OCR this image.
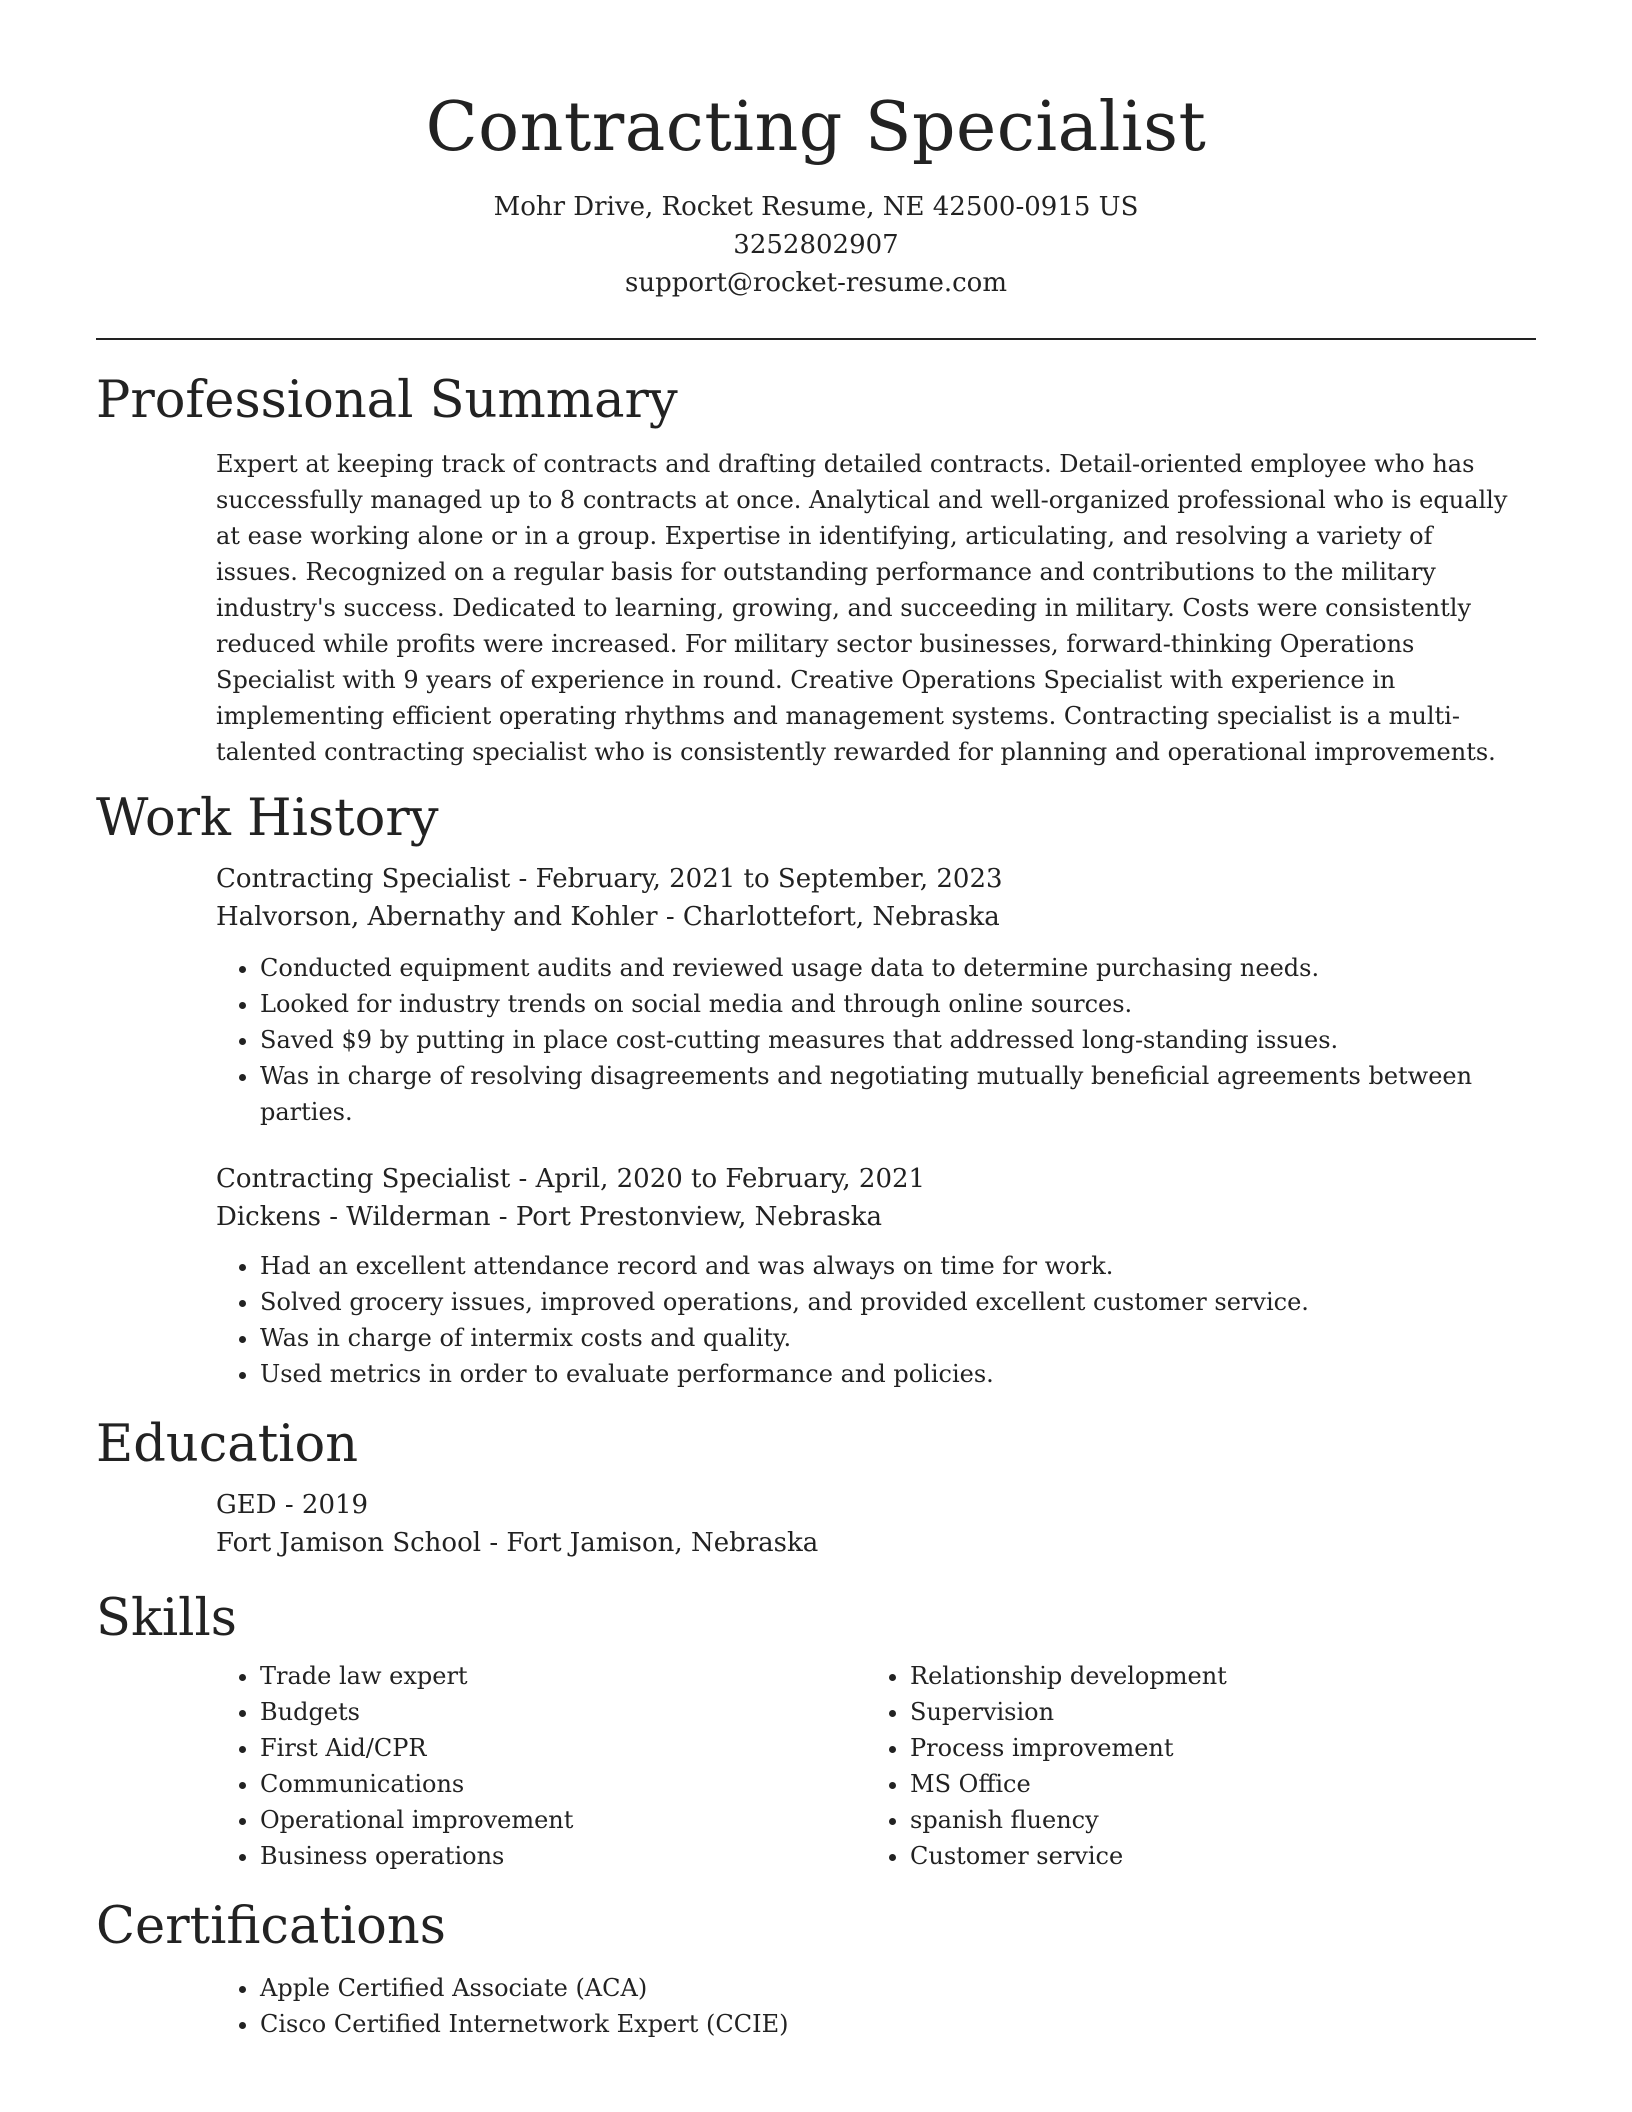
Contracting Specialist
Mohr Drive, Rocket Resume, NE 42500-0915 US
3252802907
support@rocket-resume.com
Professional Summary
Expert at keeping track of contracts and drafting detailed contracts. Detail-oriented employee who has successfully managed up to 8 contracts at once. Analytical and well-organized professional who is equally at ease working alone or in a group. Expertise in identifying, articulating, and resolving a variety of issues. Recognized on a regular basis for outstanding performance and contributions to the military industry's success. Dedicated to learning, growing, and succeeding in military. Costs were consistently reduced while profits were increased. For military sector businesses, forward-thinking Operations Specialist with 9 years of experience in round. Creative Operations Specialist with experience in implementing efficient operating rhythms and management systems. Contracting specialist is a multi-talented contracting specialist who is consistently rewarded for planning and operational improvements.
Work History
Contracting Specialist - February, 2021 to September, 2023
Halvorson, Abernathy and Kohler - Charlottefort, Nebraska
• Conducted equipment audits and reviewed usage data to determine purchasing needs.
• Looked for industry trends on social media and through online sources.
• Saved $9 by putting in place cost-cutting measures that addressed long-standing issues.
• Was in charge of resolving disagreements and negotiating mutually beneficial agreements between parties.
Contracting Specialist - April, 2020 to February, 2021
Dickens - Wilderman - Port Prestonview, Nebraska
• Had an excellent attendance record and was always on time for work.
• Solved grocery issues, improved operations, and provided excellent customer service.
• Was in charge of intermix costs and quality.
• Used metrics in order to evaluate performance and policies.
Education
GED - 2019
Fort Jamison School - Fort Jamison, Nebraska
Skills
• Trade law expert
• Budgets
• First Aid/CPR
• Communications
• Operational improvement
• Business operations
• Relationship development
• Supervision
• Process improvement
• MS Office
• spanish fluency
• Customer service
Certifications
• Apple Certified Associate (ACA)
• Cisco Certified Internetwork Expert (CCIE)
